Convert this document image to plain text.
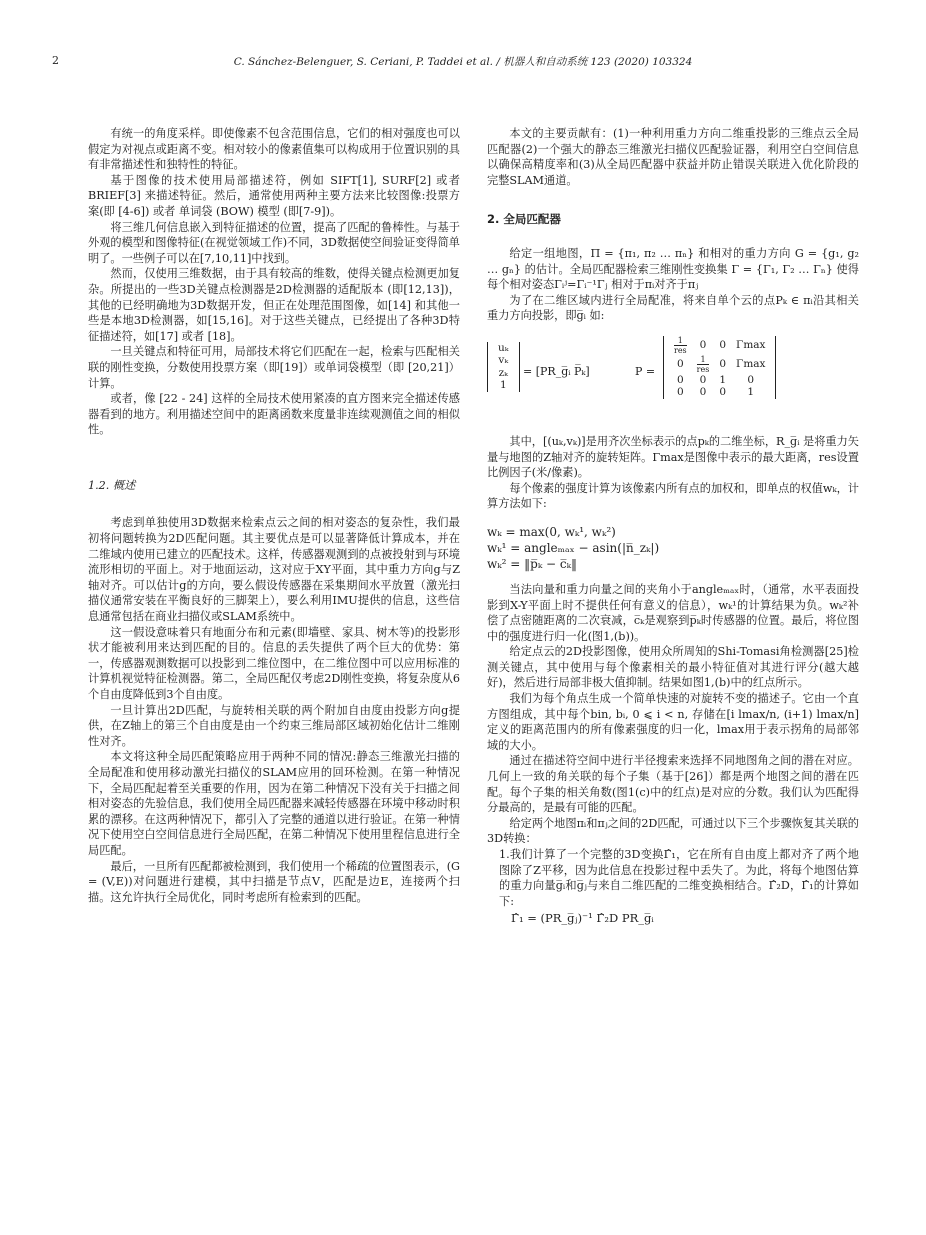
2	C. Sánchez-Belenguer, S. Ceriani, P. Taddei et al. / 机器人和自动系统 123 (2020) 103324

有统一的角度采样。即使像素不包含范围信息，它们的相对强度也可以假定为对视点或距离不变。相对较小的像素值集可以构成用于位置识别的具有非常描述性和独特性的特征。

基于图像的技术使用局部描述符，例如 SIFT[1], SURF[2] 或者BRIEF[3] 来描述特征。然后，通常使用两种主要方法来比较图像:投票方案(即 [4-6]) 或者 单词袋 (BOW) 模型 (即[7-9])。

将三维几何信息嵌入到特征描述的位置，提高了匹配的鲁棒性。与基于外观的模型和图像特征(在视觉领域工作)不同，3D数据使空间验证变得简单明了。一些例子可以在[7,10,11]中找到。

然而，仅使用三维数据，由于具有较高的维数，使得关键点检测更加复杂。所提出的一些3D关键点检测器是2D检测器的适配版本 (即[12,13])，其他的已经明确地为3D数据开发，但正在处理范围图像，如[14] 和其他一些是本地3D检测器，如[15,16]。对于这些关键点，已经提出了各种3D特征描述符，如[17] 或者 [18]。

一旦关键点和特征可用，局部技术将它们匹配在一起，检索与匹配相关联的刚性变换，分数使用投票方案（即[19]）或单词袋模型（即 [20,21]）计算。

或者，像 [22 - 24] 这样的全局技术使用紧凑的直方图来完全描述传感器看到的地方。利用描述空间中的距离函数来度量非连续观测值之间的相似性。

1.2. 概述

考虑到单独使用3D数据来检索点云之间的相对姿态的复杂性，我们最初将问题转换为2D匹配问题。其主要优点是可以显著降低计算成本，并在二维域内使用已建立的匹配技术。这样，传感器观测到的点被投射到与环境流形相切的平面上。对于地面运动，这对应于XY平面，其中重力方向g与Z轴对齐。可以估计g的方向，要么假设传感器在采集期间水平放置（激光扫描仪通常安装在平衡良好的三脚架上），要么利用IMU提供的信息，这些信息通常包括在商业扫描仪或SLAM系统中。

这一假设意味着只有地面分布和元素(即墙壁、家具、树木等)的投影形状才能被利用来达到匹配的目的。信息的丢失提供了两个巨大的优势：第一，传感器观测数据可以投影到二维位图中，在二维位图中可以应用标准的计算机视觉特征检测器。第二，全局匹配仅考虑2D刚性变换，将复杂度从6个自由度降低到3个自由度。

一旦计算出2D匹配，与旋转相关联的两个附加自由度由投影方向g提供，在Z轴上的第三个自由度是由一个约束三维局部区域初始化估计二维刚性对齐。

本文将这种全局匹配策略应用于两种不同的情况:静态三维激光扫描的全局配准和使用移动激光扫描仪的SLAM应用的回环检测。在第一种情况下，全局匹配起着至关重要的作用，因为在第二种情况下没有关于扫描之间相对姿态的先验信息，我们使用全局匹配器来减轻传感器在环境中移动时积累的漂移。在这两种情况下，都引入了完整的通道以进行验证。在第一种情况下使用空白空间信息进行全局匹配，在第二种情况下使用里程信息进行全局匹配。

最后，一旦所有匹配都被检测到，我们使用一个稀疏的位置图表示，(G = (V,E))对问题进行建模，其中扫描是节点V，匹配是边E，连接两个扫描。这允许执行全局优化，同时考虑所有检索到的匹配。

本文的主要贡献有：(1)一种利用重力方向二维重投影的三维点云全局匹配器(2)一个强大的静态三维激光扫描仪匹配验证器，利用空白空间信息以确保高精度率和(3)从全局匹配器中获益并防止错误关联进入优化阶段的完整SLAM通道。

2. 全局匹配器

给定一组地图，Π = {π₁, π₂ … πₙ} 和相对的重力方向 G = {g₁, g₂ … gₙ} 的估计。全局匹配器检索三维刚性变换集 Γ = {Γ₁, Γ₂ … Γₙ} 使得每个相对姿态Γᵢʲ=Γᵢ⁻¹Γⱼ 相对于πᵢ对齐于πⱼ

为了在二维区域内进行全局配准，将来自单个云的点Pₖ ∈ πᵢ沿其相关重力方向投影，即g̅ᵢ 如:

uₖ
vₖ
zₖ
1
= [PR_g̅ᵢ P̅ₖ]	P =
$\frac{1}{\text{res}}$	0	0	Γmax
0	$\frac{1}{\text{res}}$	0	Γmax
0	0	1	0
0	0	0	1

其中，[(uₖ,vₖ)]是用齐次坐标表示的点pₖ的二维坐标，R_g̅ᵢ 是将重力矢量与地图的Z轴对齐的旋转矩阵。Γmax是图像中表示的最大距离，res设置比例因子(米/像素)。

每个像素的强度计算为该像素内所有点的加权和，即单点的权值wₖ，计算方法如下:

wₖ = max(0, wₖ¹, wₖ²)
wₖ¹ = angleₘₐₓ − asin(|n̅_zₖ|)
wₖ² = ‖p̅ₖ − c̅ₖ‖

当法向量和重力向量之间的夹角小于angleₘₐₓ时，（通常，水平表面投影到X-Y平面上时不提供任何有意义的信息），wₖ¹的计算结果为负。wₖ²补偿了点密随距离的二次衰减，c̅ₖ是观察到p̅ₖ时传感器的位置。最后，将位图中的强度进行归一化(图1,(b))。

给定点云的2D投影图像，使用众所周知的Shi-Tomasi角检测器[25]检测关键点，其中使用与每个像素相关的最小特征值对其进行评分(越大越好)，然后进行局部非极大值抑制。结果如图1,(b)中的红点所示。

我们为每个角点生成一个简单快速的对旋转不变的描述子。它由一个直方图组成，其中每个bin, bᵢ, 0 ⩽ i < n, 存储在[i lmax/n, (i+1) lmax/n]定义的距离范围内的所有像素强度的归一化，lmax用于表示拐角的局部邻域的大小。

通过在描述符空间中进行半径搜索来选择不同地图角之间的潜在对应。几何上一致的角关联的每个子集（基于[26]）都是两个地图之间的潜在匹配。每个子集的相关角数(图1(c)中的红点)是对应的分数。我们认为匹配得分最高的，是最有可能的匹配。

给定两个地图πᵢ和πⱼ之间的2D匹配，可通过以下三个步骤恢复其关联的3D转换：

1.我们计算了一个完整的3D变换Γ̂₁，它在所有自由度上都对齐了两个地图除了Z平移，因为此信息在投影过程中丢失了。为此，将每个地图估算的重力向量g̅ᵢ和g̅ⱼ与来自二维匹配的二维变换相结合。Γ̂₂D，Γ̂₁的计算如下:

Γ̂₁ = (PR_g̅ⱼ)⁻¹ Γ̂₂D PR_g̅ᵢ
